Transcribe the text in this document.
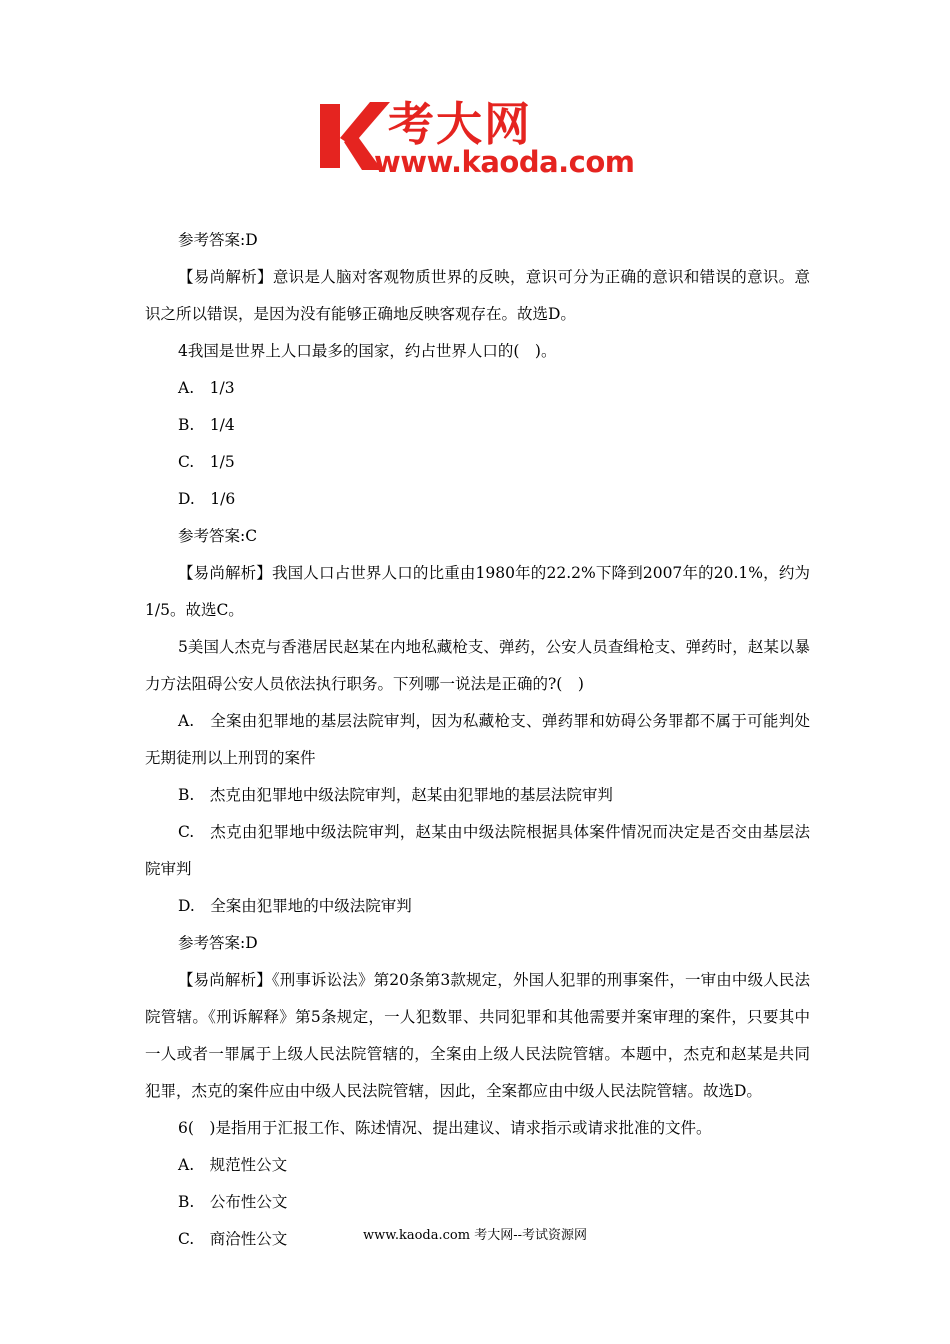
考大网
www.kaoda.com

参考答案:D

【易尚解析】意识是人脑对客观物质世界的反映，意识可分为正确的意识和错误的意识。意识之所以错误，是因为没有能够正确地反映客观存在。故选D。

4我国是世界上人口最多的国家，约占世界人口的(　)。

A.　1/3

B.　1/4

C.　1/5

D.　1/6

参考答案:C

【易尚解析】我国人口占世界人口的比重由1980年的22.2%下降到2007年的20.1%，约为1/5。故选C。

5美国人杰克与香港居民赵某在内地私藏枪支、弹药，公安人员查缉枪支、弹药时，赵某以暴力方法阻碍公安人员依法执行职务。下列哪一说法是正确的?(　)

A.　全案由犯罪地的基层法院审判，因为私藏枪支、弹药罪和妨碍公务罪都不属于可能判处无期徒刑以上刑罚的案件

B.　杰克由犯罪地中级法院审判，赵某由犯罪地的基层法院审判

C.　杰克由犯罪地中级法院审判，赵某由中级法院根据具体案件情况而决定是否交由基层法院审判

D.　全案由犯罪地的中级法院审判

参考答案:D

【易尚解析】《刑事诉讼法》第20条第3款规定，外国人犯罪的刑事案件，一审由中级人民法院管辖。《刑诉解释》第5条规定，一人犯数罪、共同犯罪和其他需要并案审理的案件，只要其中一人或者一罪属于上级人民法院管辖的，全案由上级人民法院管辖。本题中，杰克和赵某是共同犯罪，杰克的案件应由中级人民法院管辖，因此，全案都应由中级人民法院管辖。故选D。

6(　)是指用于汇报工作、陈述情况、提出建议、请求指示或请求批准的文件。

A.　规范性公文

B.　公布性公文

C.　商洽性公文	www.kaoda.com 考大网--考试资源网
